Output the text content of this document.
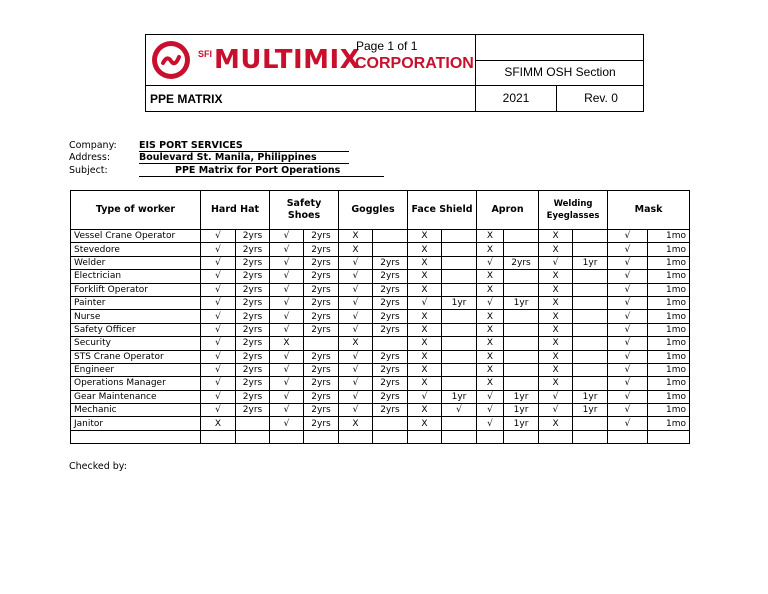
SFI MULTIMIX
CORPORATION
Page 1 of 1
PPE MATRIX
SFIMM OSH Section
2021	Rev. 0
Company: EIS PORT SERVICES
Address:	Boulevard St. Manila, Philippines
Subject:	PPE Matrix for Port Operations
Type of worker	Hard Hat		Safety Shoes		Goggles		Face Shield		Apron		Welding Eyeglasses		Mask	
Vessel Crane Operator	√	2yrs	√	2yrs	X		X		X		X		√	1mo
Stevedore	√	2yrs	√	2yrs	X		X		X		X		√	1mo
Welder	√	2yrs	√	2yrs	√	2yrs	X		√	2yrs	√	1yr	√	1mo
Electrician	√	2yrs	√	2yrs	√	2yrs	X		X		X		√	1mo
Forklift Operator	√	2yrs	√	2yrs	√	2yrs	X		X		X		√	1mo
Painter	√	2yrs	√	2yrs	√	2yrs	√	1yr	√	1yr	X		√	1mo
Nurse	√	2yrs	√	2yrs	√	2yrs	X		X		X		√	1mo
Safety Officer	√	2yrs	√	2yrs	√	2yrs	X		X		X		√	1mo
Security	√	2yrs	X		X		X		X		X		√	1mo
STS Crane Operator	√	2yrs	√	2yrs	√	2yrs	X		X		X		√	1mo
Engineer	√	2yrs	√	2yrs	√	2yrs	X		X		X		√	1mo
Operations Manager	√	2yrs	√	2yrs	√	2yrs	X		X		X		√	1mo
Gear Maintenance	√	2yrs	√	2yrs	√	2yrs	√	1yr	√	1yr	√	1yr	√	1mo
Mechanic	√	2yrs	√	2yrs	√	2yrs	X	√	√	1yr	√	1yr	√	1mo
Janitor	X		√	2yrs	X		X		√	1yr	X		√	1mo

Checked by:
